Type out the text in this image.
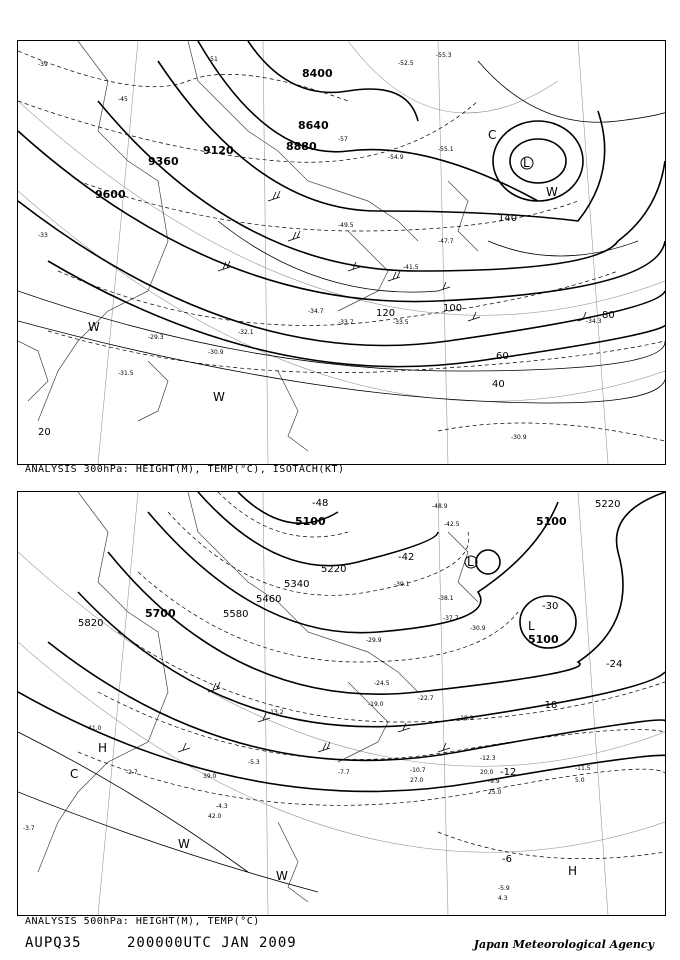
8400
8640
8880
9120
9360
9600
20
40
60
80
100
120
140
-39
-45
-51
-57
-33
-55.3
-52.5
-55.1
-54.9
-49.5
-41.5
-47.7
-34.7
-33.7	-33.5
-32.1
-29.3
-30.9
-31.5
-34.3
-30.9
L
W
W
W
C
ANALYSIS 300hPa: HEIGHT(M), TEMP(°C), ISOTACH(KT)
5100	5100
5100
5220
5220
5340
5460
5580
5700
5820
-48
-42
-30
-24
-18
-12
-6
-48.9
-42.5
-39.1
-38.1
-37.7
-30.9
-29.9
-24.5
-22.7
-19.0
-18.9
-13.2
-12.3
-11.5
-10.7
-9.9
-7.7
-5.9
-5.3
-4.3
-3.7
-2.7
41.0
42.0
39.0
27.0
20.0
25.0
5.0
4.3
L
L
H
H
W
W
C
ANALYSIS 500hPa: HEIGHT(M), TEMP(°C)
AUPQ35	200000UTC JAN 2009	Japan Meteorological Agency
